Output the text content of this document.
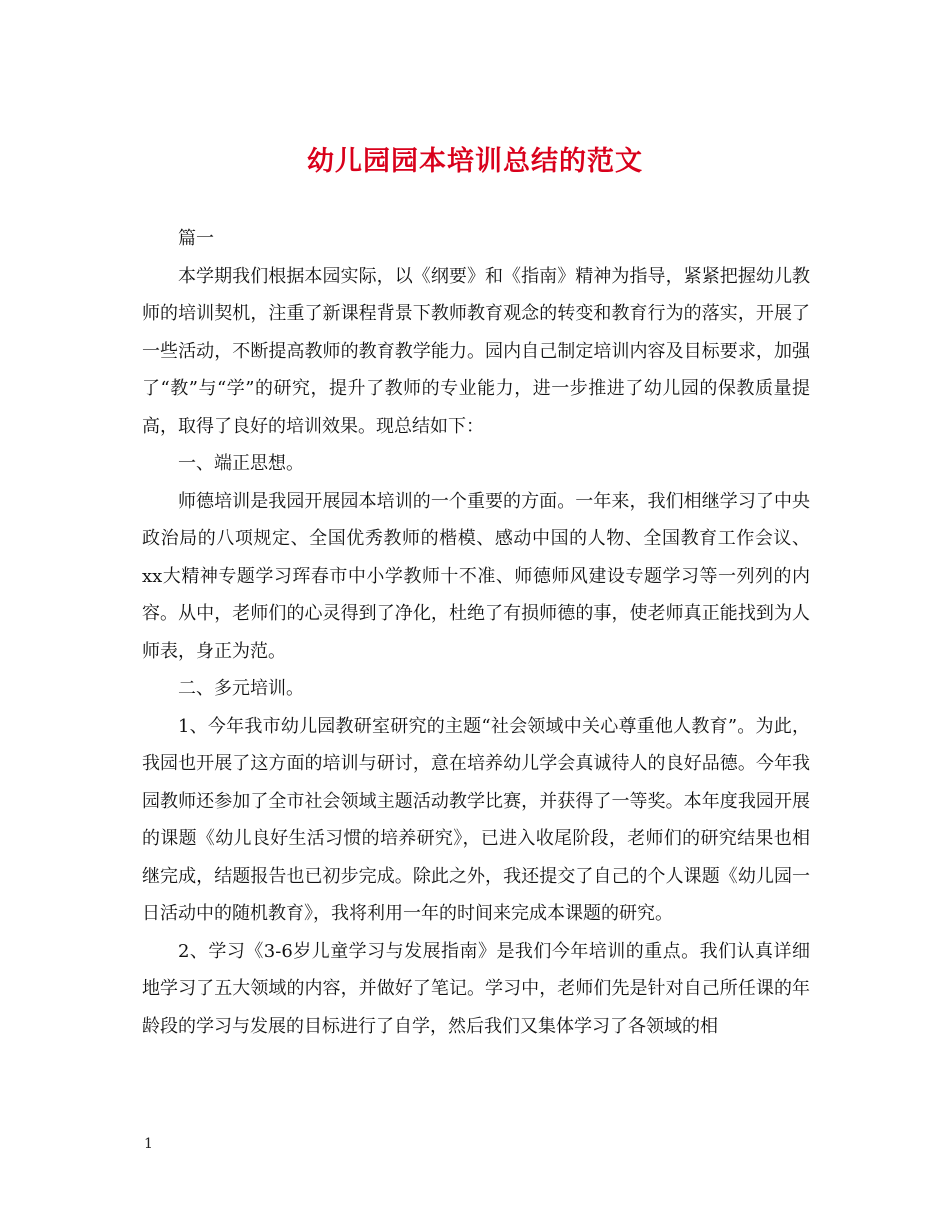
幼儿园园本培训总结的范文

篇一

本学期我们根据本园实际，以《纲要》和《指南》精神为指导，紧紧把握幼儿教师的培训契机，注重了新课程背景下教师教育观念的转变和教育行为的落实，开展了一些活动，不断提高教师的教育教学能力。园内自己制定培训内容及目标要求，加强了“教”与“学”的研究，提升了教师的专业能力，进一步推进了幼儿园的保教质量提高，取得了良好的培训效果。现总结如下：

一、端正思想。

师德培训是我园开展园本培训的一个重要的方面。一年来，我们相继学习了中央政治局的八项规定、全国优秀教师的楷模、感动中国的人物、全国教育工作会议、xx大精神专题学习珲春市中小学教师十不准、师德师风建设专题学习等一列列的内容。从中，老师们的心灵得到了净化，杜绝了有损师德的事，使老师真正能找到为人师表，身正为范。

二、多元培训。

1、今年我市幼儿园教研室研究的主题“社会领域中关心尊重他人教育”。为此，我园也开展了这方面的培训与研讨，意在培养幼儿学会真诚待人的良好品德。今年我园教师还参加了全市社会领域主题活动教学比赛，并获得了一等奖。本年度我园开展的课题《幼儿良好生活习惯的培养研究》，已进入收尾阶段，老师们的研究结果也相继完成，结题报告也已初步完成。除此之外，我还提交了自己的个人课题《幼儿园一日活动中的随机教育》，我将利用一年的时间来完成本课题的研究。

2、学习《3-6岁儿童学习与发展指南》是我们今年培训的重点。我们认真详细地学习了五大领域的内容，并做好了笔记。学习中，老师们先是针对自己所任课的年龄段的学习与发展的目标进行了自学，然后我们又集体学习了各领域的相

1
